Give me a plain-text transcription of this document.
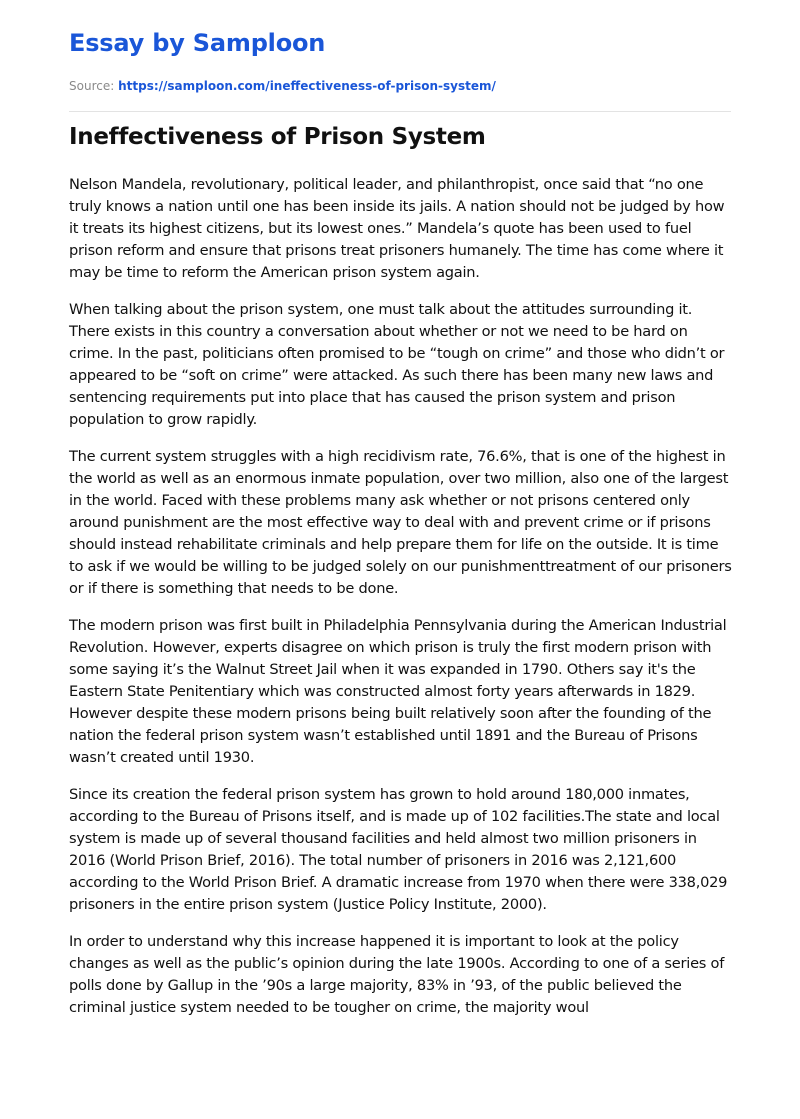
Essay by Samploon
Source: https://samploon.com/ineffectiveness-of-prison-system/
Ineffectiveness of Prison System

Nelson Mandela, revolutionary, political leader, and philanthropist, once said that “no one truly knows a nation until one has been inside its jails. A nation should not be judged by how it treats its highest citizens, but its lowest ones.” Mandela’s quote has been used to fuel prison reform and ensure that prisons treat prisoners humanely. The time has come where it may be time to reform the American prison system again.

When talking about the prison system, one must talk about the attitudes surrounding it. There exists in this country a conversation about whether or not we need to be hard on crime. In the past, politicians often promised to be “tough on crime” and those who didn’t or appeared to be “soft on crime” were attacked. As such there has been many new laws and sentencing requirements put into place that has caused the prison system and prison population to grow rapidly.

The current system struggles with a high recidivism rate, 76.6%, that is one of the highest in the world as well as an enormous inmate population, over two million, also one of the largest in the world. Faced with these problems many ask whether or not prisons centered only around punishment are the most effective way to deal with and prevent crime or if prisons should instead rehabilitate criminals and help prepare them for life on the outside. It is time to ask if we would be willing to be judged solely on our punishmenttreatment of our prisoners or if there is something that needs to be done.

The modern prison was first built in Philadelphia Pennsylvania during the American Industrial Revolution. However, experts disagree on which prison is truly the first modern prison with some saying it’s the Walnut Street Jail when it was expanded in 1790. Others say it's the Eastern State Penitentiary which was constructed almost forty years afterwards in 1829. However despite these modern prisons being built relatively soon after the founding of the nation the federal prison system wasn’t established until 1891 and the Bureau of Prisons wasn’t created until 1930.

Since its creation the federal prison system has grown to hold around 180,000 inmates, according to the Bureau of Prisons itself, and is made up of 102 facilities.The state and local system is made up of several thousand facilities and held almost two million prisoners in 2016 (World Prison Brief, 2016). The total number of prisoners in 2016 was 2,121,600 according to the World Prison Brief. A dramatic increase from 1970 when there were 338,029 prisoners in the entire prison system (Justice Policy Institute, 2000).

In order to understand why this increase happened it is important to look at the policy changes as well as the public’s opinion during the late 1900s. According to one of a series of polls done by Gallup in the ’90s a large majority, 83% in ’93, of the public believed the criminal justice system needed to be tougher on crime, the majority woul
